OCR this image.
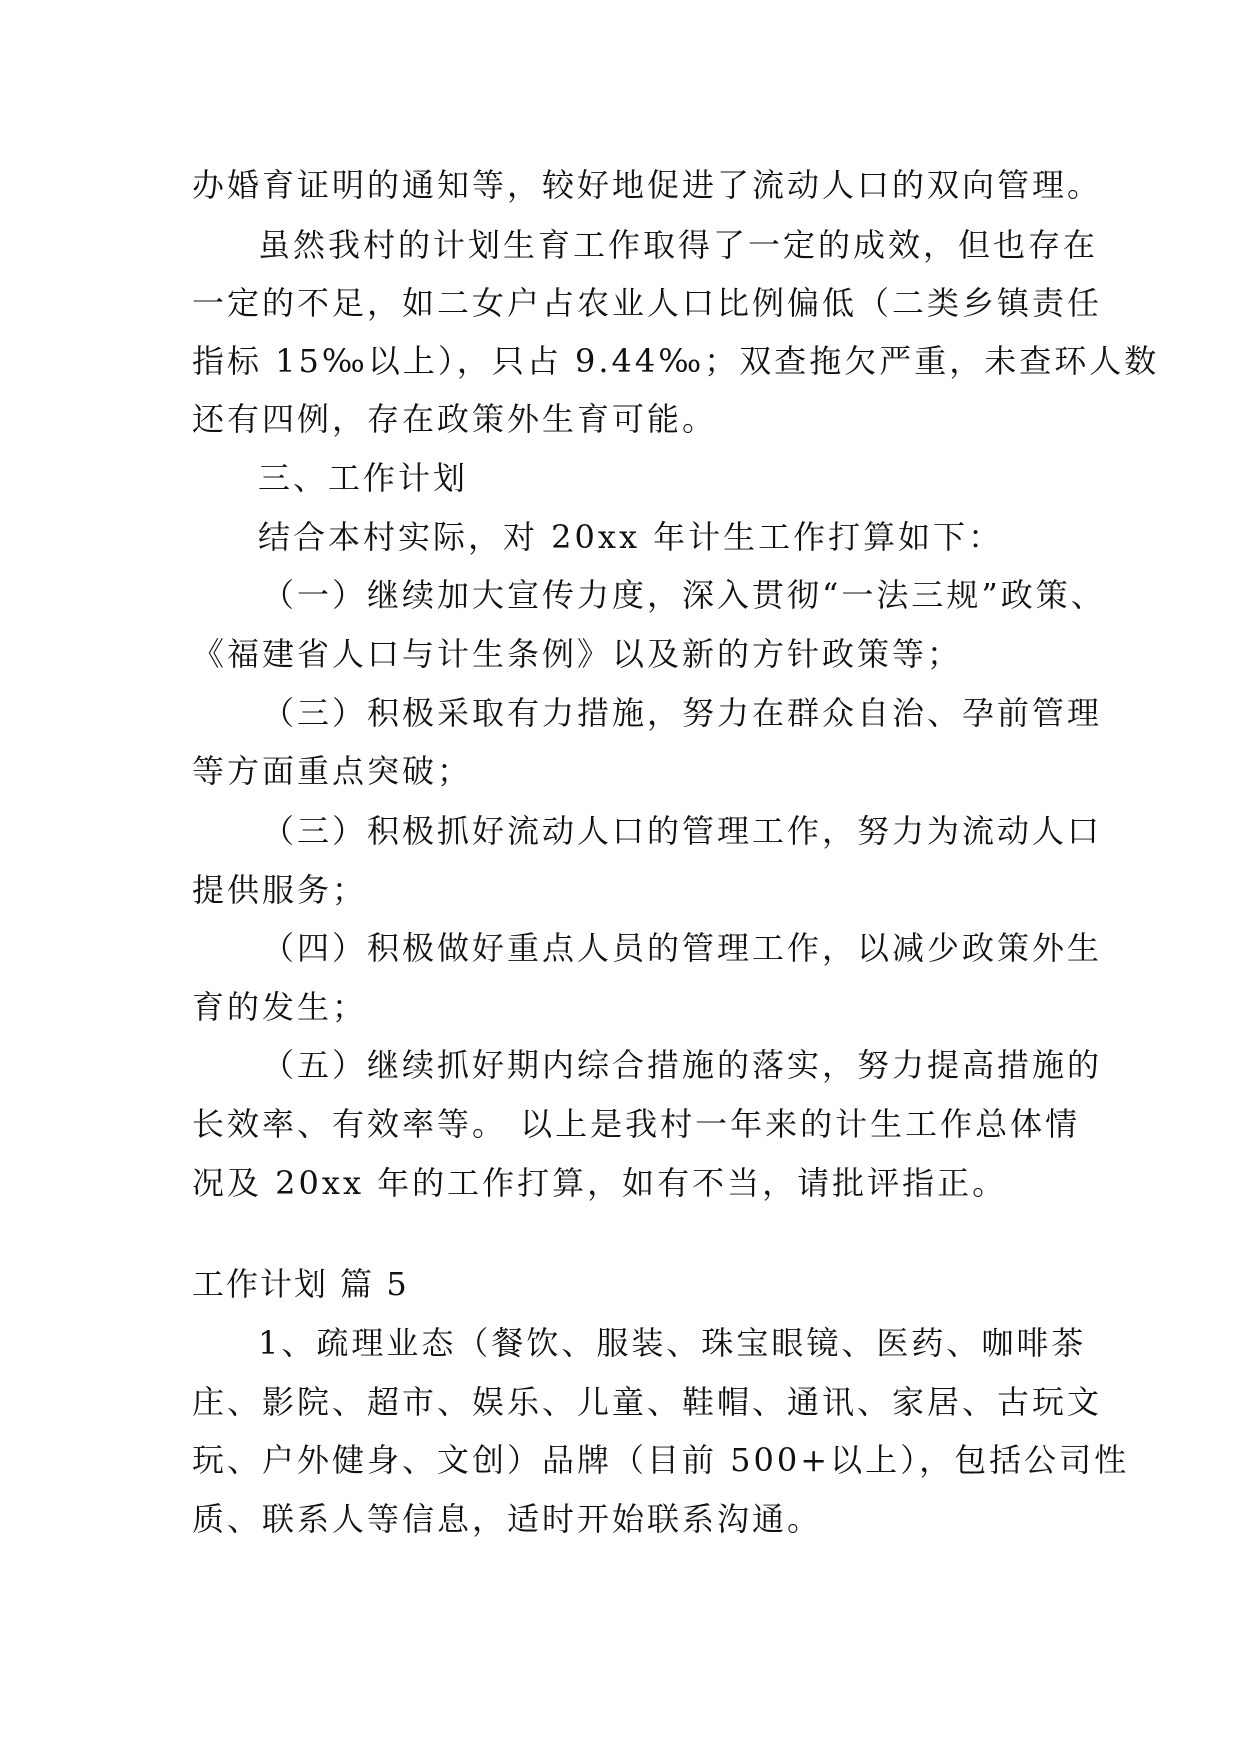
办婚育证明的通知等，较好地促进了流动人口的双向管理。
虽然我村的计划生育工作取得了一定的成效，但也存在
一定的不足，如二女户占农业人口比例偏低（二类乡镇责任
指标 15‰以上），只占 9.44‰；双查拖欠严重，未查环人数
还有四例，存在政策外生育可能。
三、工作计划
结合本村实际，对 20xx 年计生工作打算如下：
（一）继续加大宣传力度，深入贯彻“一法三规”政策、
《福建省人口与计生条例》以及新的方针政策等；
（三）积极采取有力措施，努力在群众自治、孕前管理
等方面重点突破；
（三）积极抓好流动人口的管理工作，努力为流动人口
提供服务；
（四）积极做好重点人员的管理工作，以减少政策外生
育的发生；
（五）继续抓好期内综合措施的落实，努力提高措施的
长效率、有效率等。 以上是我村一年来的计生工作总体情
况及 20xx 年的工作打算，如有不当，请批评指正。
工作计划 篇 5
1、疏理业态（餐饮、服装、珠宝眼镜、医药、咖啡茶
庄、影院、超市、娱乐、儿童、鞋帽、通讯、家居、古玩文
玩、户外健身、文创）品牌（目前 500+以上），包括公司性
质、联系人等信息，适时开始联系沟通。
